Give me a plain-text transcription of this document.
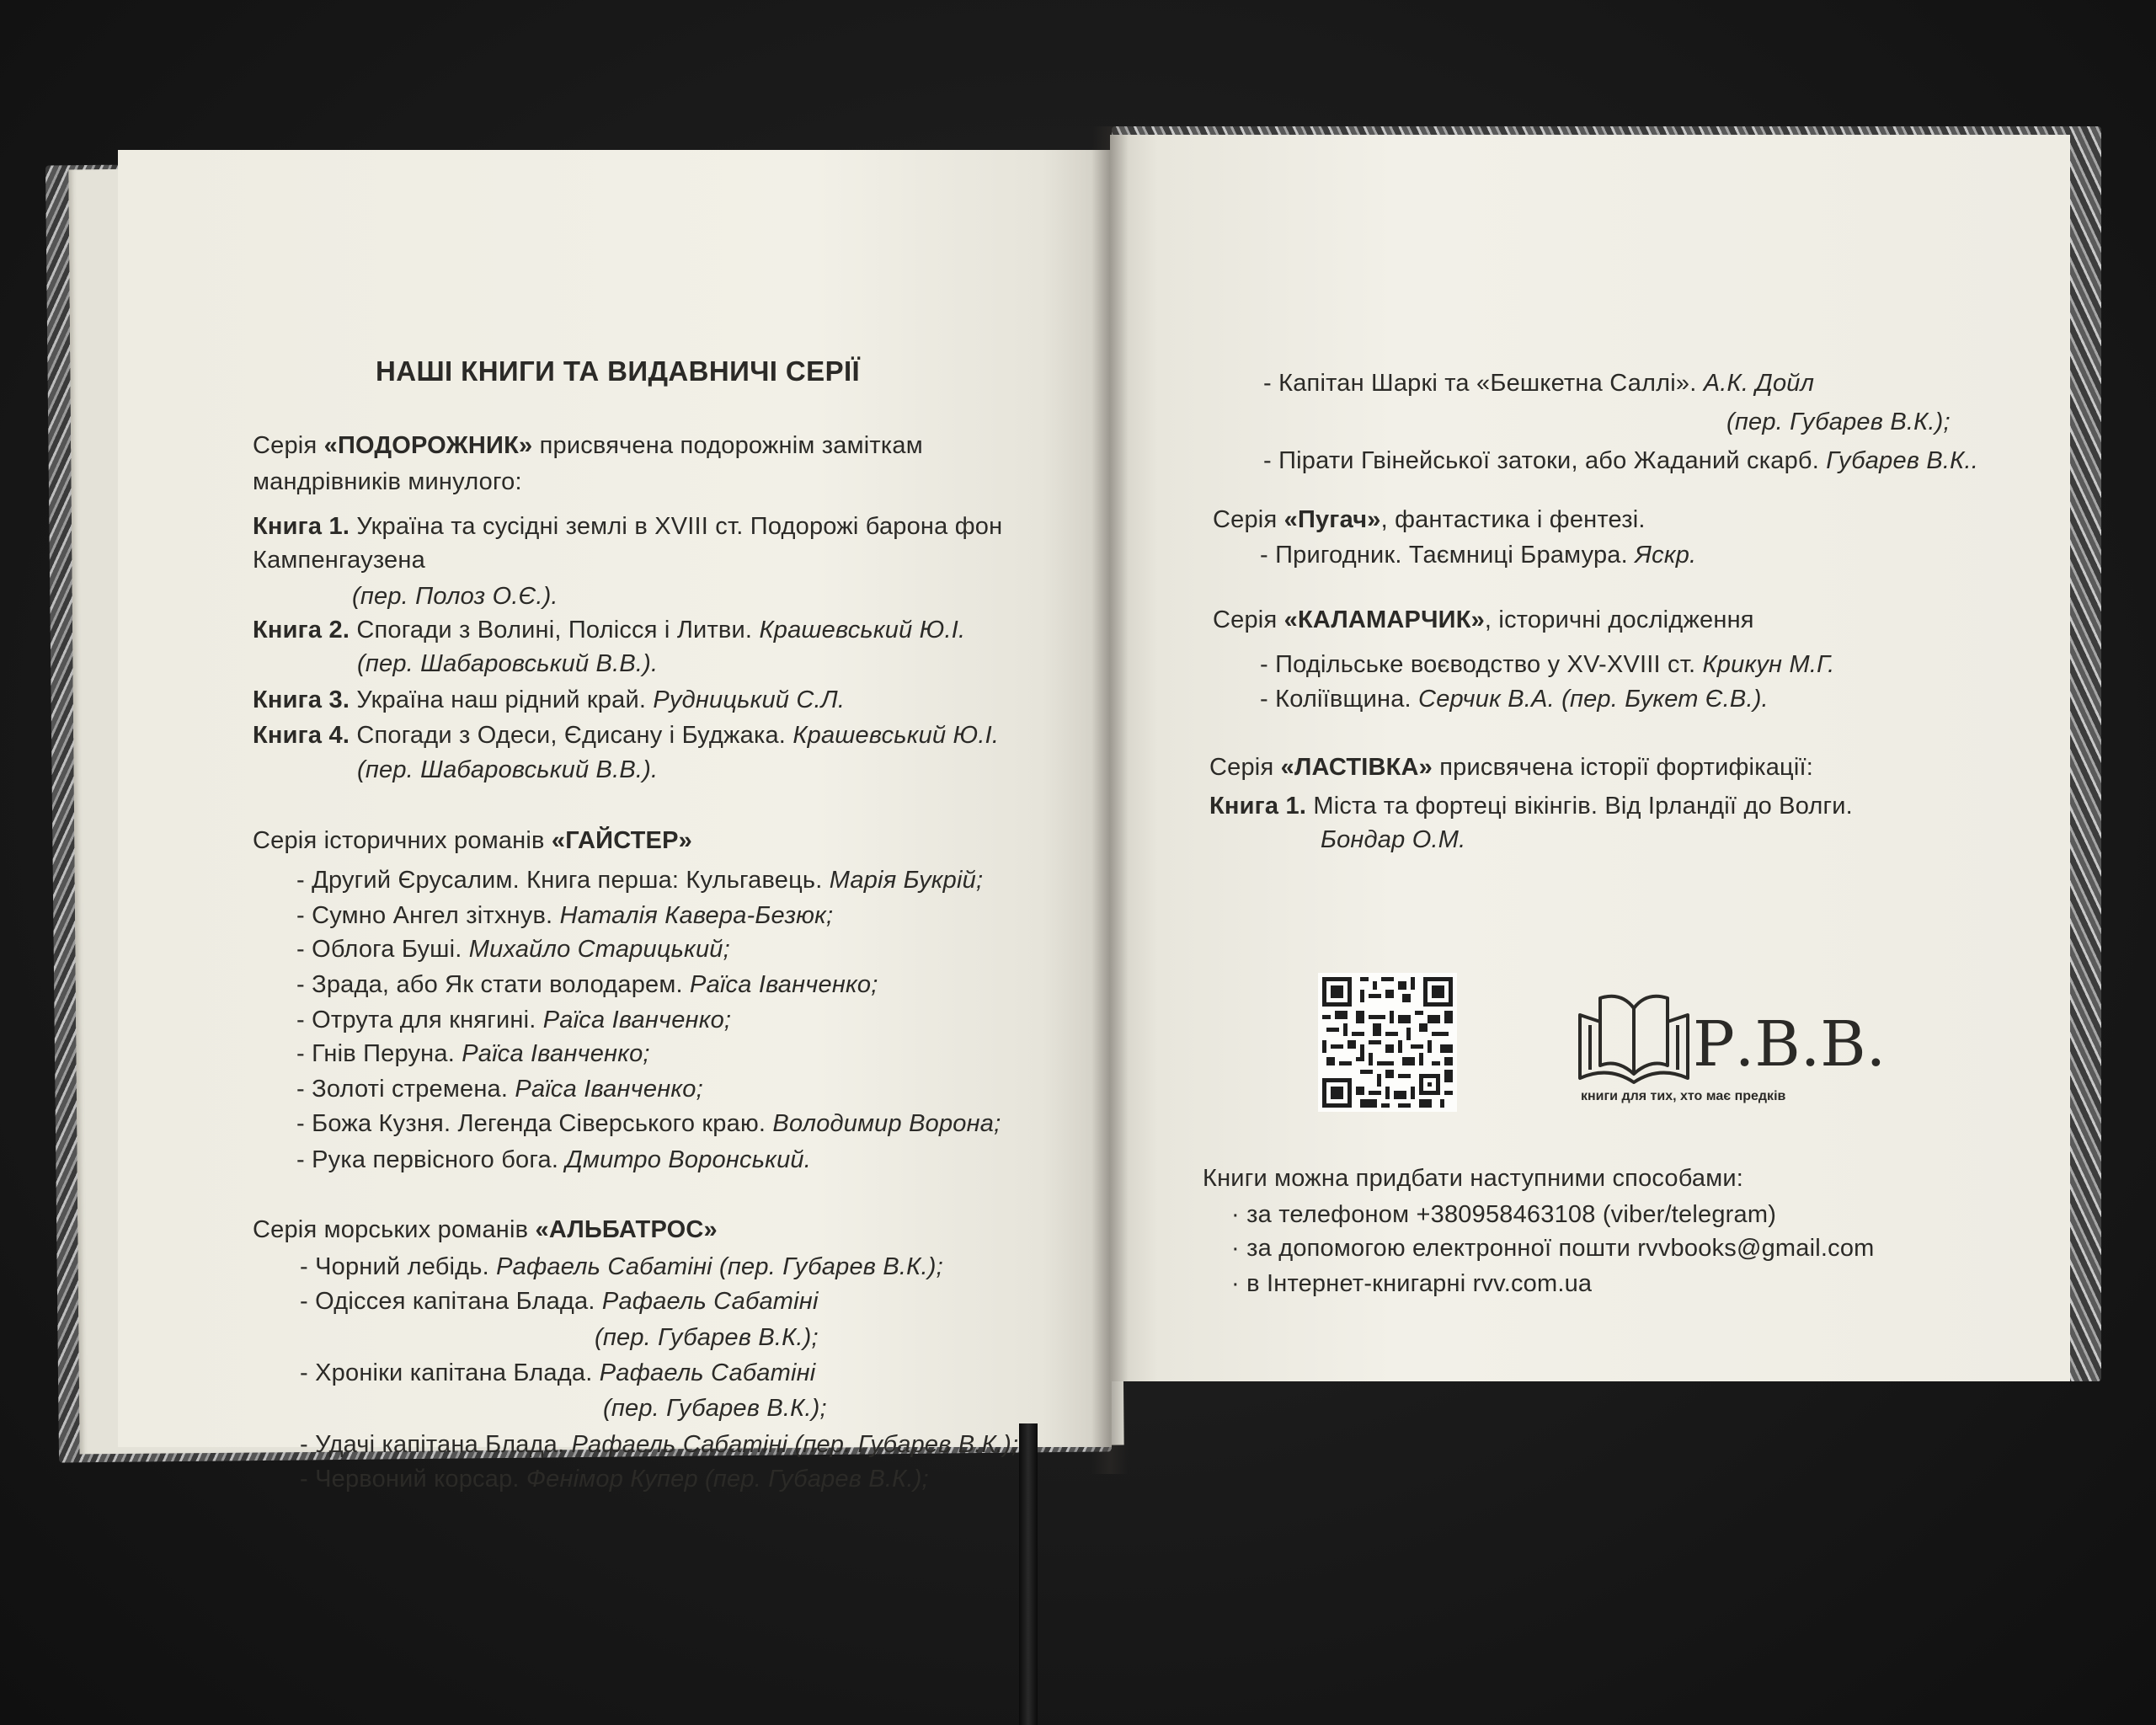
НАШІ КНИГИ ТА ВИДАВНИЧІ СЕРІЇ
Серія «ПОДОРОЖНИК» присвячена подорожнім заміткам
мандрівників минулого:
Книга 1. Україна та сусідні землі в XVIII ст. Подорожі барона фон
Кампенгаузена
(пер. Полоз О.Є.).
Книга 2. Спогади з Волині, Полісся і Литви. Крашевський Ю.І.
(пер. Шабаровський В.В.).
Книга 3. Україна наш рідний край. Рудницький С.Л.
Книга 4. Спогади з Одеси, Єдисану і Буджака. Крашевський Ю.І.
(пер. Шабаровський В.В.).
Серія історичних романів «ГАЙСТЕР»
- Другий Єрусалим. Книга перша: Кульгавець. Марія Букрій;
- Сумно Ангел зітхнув. Наталія Кавера-Безюк;
- Облога Буші. Михайло Старицький;
- Зрада, або Як стати володарем. Раїса Іванченко;
- Отрута для княгині. Раїса Іванченко;
- Гнів Перуна. Раїса Іванченко;
- Золоті стремена. Раїса Іванченко;
- Божа Кузня. Легенда Сіверського краю. Володимир Ворона;
- Рука первісного бога. Дмитро Воронський.
Серія морських романів «АЛЬБАТРОС»
- Чорний лебідь. Рафаель Сабатіні (пер. Губарев В.К.);
- Одіссея капітана Блада. Рафаель Сабатіні
(пер. Губарев В.К.);
- Хроніки капітана Блада. Рафаель Сабатіні
(пер. Губарев В.К.);
- Удачі капітана Блада. Рафаель Сабатіні (пер. Губарев В.К.);
- Червоний корсар. Фенімор Купер (пер. Губарев В.К.);
- Капітан Шаркі та «Бешкетна Саллі». А.К. Дойл
(пер. Губарев В.К.);
- Пірати Гвінейської затоки, або Жаданий скарб. Губарев В.К..
Серія «Пугач», фантастика і фентезі.
- Пригодник. Таємниці Брамура. Яскр.
Серія «КАЛАМАРЧИК», історичні дослідження
- Подільське воєводство у XV-XVIII ст. Крикун М.Г.
- Коліївщина. Серчик В.А. (пер. Букет Є.В.).
Серія «ЛАСТІВКА» присвячена історії фортифікації:
Книга 1. Міста та фортеці вікінгів. Від Ірландії до Волги.
Бондар О.М.
Р.В.В.
книги для тих, хто має предків
Книги можна придбати наступними способами:
· за телефоном +380958463108 (viber/telegram)
· за допомогою електронної пошти rvvbooks@gmail.com
· в Інтернет-книгарні rvv.com.ua
